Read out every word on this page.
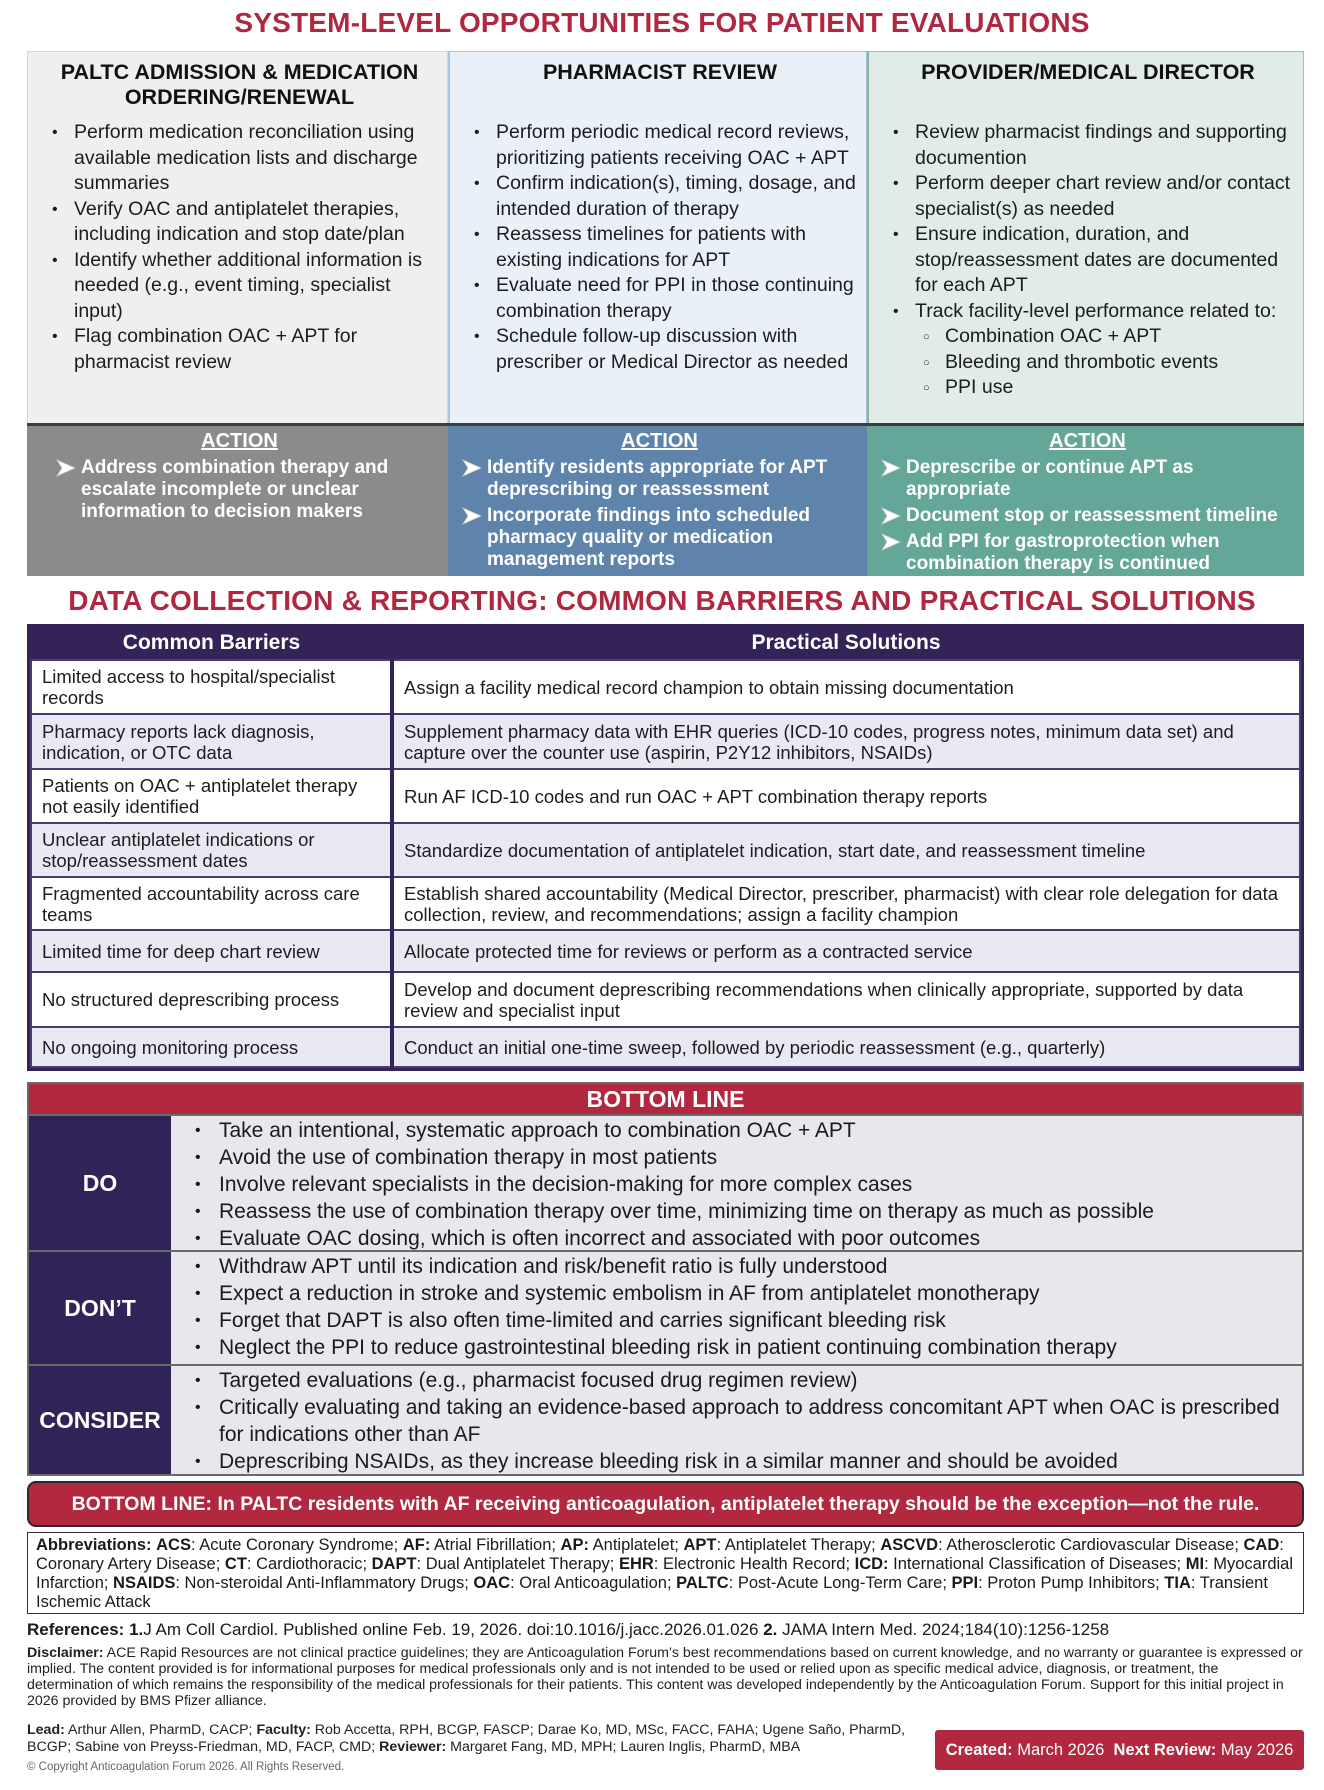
SYSTEM-LEVEL OPPORTUNITIES FOR PATIENT EVALUATIONS
PALTC ADMISSION & MEDICATION ORDERING/RENEWAL
• Perform medication reconciliation using available medication lists and discharge summaries
• Verify OAC and antiplatelet therapies, including indication and stop date/plan
• Identify whether additional information is needed (e.g., event timing, specialist input)
• Flag combination OAC + APT for pharmacist review
PHARMACIST REVIEW
• Perform periodic medical record reviews, prioritizing patients receiving OAC + APT
• Confirm indication(s), timing, dosage, and intended duration of therapy
• Reassess timelines for patients with existing indications for APT
• Evaluate need for PPI in those continuing combination therapy
• Schedule follow-up discussion with prescriber or Medical Director as needed
PROVIDER/MEDICAL DIRECTOR
• Review pharmacist findings and supporting documention
• Perform deeper chart review and/or contact specialist(s) as needed
• Ensure indication, duration, and stop/reassessment dates are documented for each APT
• Track facility-level performance related to:
○ Combination OAC + APT
○ Bleeding and thrombotic events
○ PPI use
ACTION
Address combination therapy and escalate incomplete or unclear information to decision makers
ACTION
Identify residents appropriate for APT deprescribing or reassessment
Incorporate findings into scheduled pharmacy quality or medication management reports
ACTION
Deprescribe or continue APT as appropriate
Document stop or reassessment timeline
Add PPI for gastroprotection when combination therapy is continued
DATA COLLECTION & REPORTING: COMMON BARRIERS AND PRACTICAL SOLUTIONS
Common Barriers	Practical Solutions
Limited access to hospital/specialist records	Assign a facility medical record champion to obtain missing documentation
Pharmacy reports lack diagnosis, indication, or OTC data	Supplement pharmacy data with EHR queries (ICD-10 codes, progress notes, minimum data set) and capture over the counter use (aspirin, P2Y12 inhibitors, NSAIDs)
Patients on OAC + antiplatelet therapy not easily identified	Run AF ICD-10 codes and run OAC + APT combination therapy reports
Unclear antiplatelet indications or stop/reassessment dates	Standardize documentation of antiplatelet indication, start date, and reassessment timeline
Fragmented accountability across care teams	Establish shared accountability (Medical Director, prescriber, pharmacist) with clear role delegation for data collection, review, and recommendations; assign a facility champion
Limited time for deep chart review	Allocate protected time for reviews or perform as a contracted service
No structured deprescribing process	Develop and document deprescribing recommendations when clinically appropriate, supported by data review and specialist input
No ongoing monitoring process	Conduct an initial one-time sweep, followed by periodic reassessment (e.g., quarterly)
BOTTOM LINE
DO
• Take an intentional, systematic approach to combination OAC + APT
• Avoid the use of combination therapy in most patients
• Involve relevant specialists in the decision-making for more complex cases
• Reassess the use of combination therapy over time, minimizing time on therapy as much as possible
• Evaluate OAC dosing, which is often incorrect and associated with poor outcomes
DON’T
• Withdraw APT until its indication and risk/benefit ratio is fully understood
• Expect a reduction in stroke and systemic embolism in AF from antiplatelet monotherapy
• Forget that DAPT is also often time-limited and carries significant bleeding risk
• Neglect the PPI to reduce gastrointestinal bleeding risk in patient continuing combination therapy
CONSIDER
• Targeted evaluations (e.g., pharmacist focused drug regimen review)
• Critically evaluating and taking an evidence-based approach to address concomitant APT when OAC is prescribed for indications other than AF
• Deprescribing NSAIDs, as they increase bleeding risk in a similar manner and should be avoided
BOTTOM LINE: In PALTC residents with AF receiving anticoagulation, antiplatelet therapy should be the exception—not the rule.
Abbreviations: ACS: Acute Coronary Syndrome; AF: Atrial Fibrillation; AP: Antiplatelet; APT: Antiplatelet Therapy; ASCVD: Atherosclerotic Cardiovascular Disease; CAD: Coronary Artery Disease; CT: Cardiothoracic; DAPT: Dual Antiplatelet Therapy; EHR: Electronic Health Record; ICD: International Classification of Diseases; MI: Myocardial Infarction; NSAIDS: Non-steroidal Anti-Inflammatory Drugs; OAC: Oral Anticoagulation; PALTC: Post-Acute Long-Term Care; PPI: Proton Pump Inhibitors; TIA: Transient Ischemic Attack
References: 1.J Am Coll Cardiol. Published online Feb. 19, 2026. doi:10.1016/j.jacc.2026.01.026 2. JAMA Intern Med. 2024;184(10):1256-1258
Disclaimer: ACE Rapid Resources are not clinical practice guidelines; they are Anticoagulation Forum’s best recommendations based on current knowledge, and no warranty or guarantee is expressed or implied. The content provided is for informational purposes for medical professionals only and is not intended to be used or relied upon as specific medical advice, diagnosis, or treatment, the determination of which remains the responsibility of the medical professionals for their patients. This content was developed independently by the Anticoagulation Forum. Support for this initial project in 2026 provided by BMS Pfizer alliance.
Lead: Arthur Allen, PharmD, CACP; Faculty: Rob Accetta, RPH, BCGP, FASCP; Darae Ko, MD, MSc, FACC, FAHA; Ugene Saño, PharmD, BCGP; Sabine von Preyss-Friedman, MD, FACP, CMD; Reviewer: Margaret Fang, MD, MPH; Lauren Inglis, PharmD, MBA
© Copyright Anticoagulation Forum 2026. All Rights Reserved.
Created: March 2026 Next Review: May 2026
